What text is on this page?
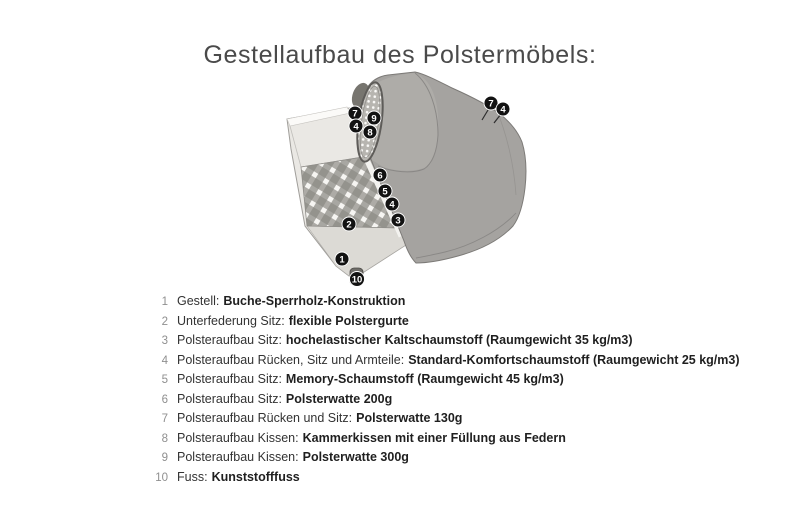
Gestellaufbau des Polstermöbels:
7 9
4
8
7
4
6
5
4
3
2
1
10
1 Gestell: Buche-Sperrholz-Konstruktion
2 Unterfederung Sitz: flexible Polstergurte
3 Polsteraufbau Sitz: hochelastischer Kaltschaumstoff (Raumgewicht 35 kg/m3)
4 Polsteraufbau Rücken, Sitz und Armteile: Standard-Komfortschaumstoff (Raumgewicht 25 kg/m3)
5 Polsteraufbau Sitz: Memory-Schaumstoff (Raumgewicht 45 kg/m3)
6 Polsteraufbau Sitz: Polsterwatte 200g
7 Polsteraufbau Rücken und Sitz: Polsterwatte 130g
8 Polsteraufbau Kissen: Kammerkissen mit einer Füllung aus Federn
9 Polsteraufbau Kissen: Polsterwatte 300g
10 Fuss: Kunststofffuss
